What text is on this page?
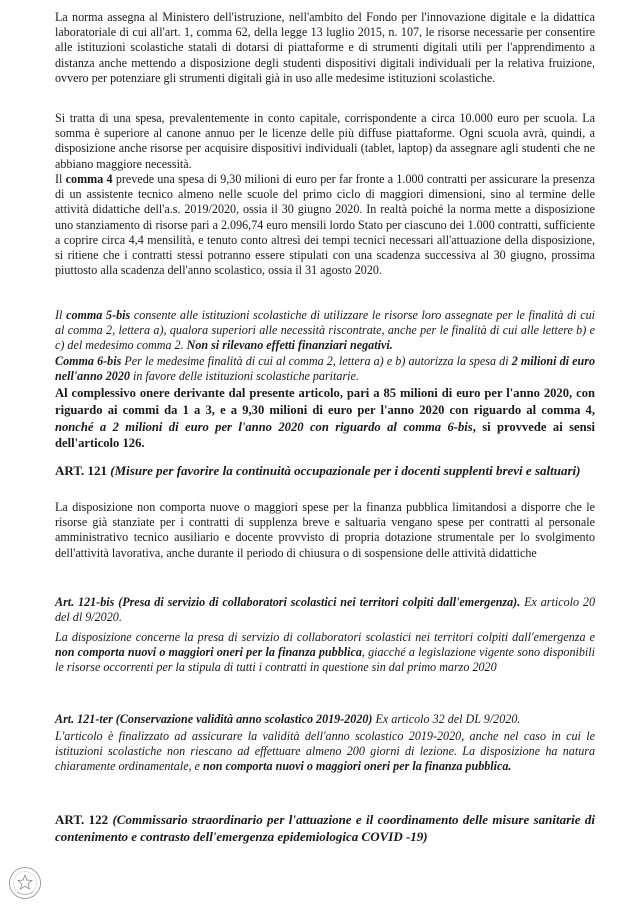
La norma assegna al Ministero dell'istruzione, nell'ambito del Fondo per l'innovazione digitale e la didattica laboratoriale di cui all'art. 1, comma 62, della legge 13 luglio 2015, n. 107, le risorse necessarie per consentire alle istituzioni scolastiche statali di dotarsi di piattaforme e di strumenti digitali utili per l'apprendimento a distanza anche mettendo a disposizione degli studenti dispositivi digitali individuali per la relativa fruizione, ovvero per potenziare gli strumenti digitali già in uso alle medesime istituzioni scolastiche.

Si tratta di una spesa, prevalentemente in conto capitale, corrispondente a circa 10.000 euro per scuola. La somma è superiore al canone annuo per le licenze delle più diffuse piattaforme. Ogni scuola avrà, quindi, a disposizione anche risorse per acquisire dispositivi individuali (tablet, laptop) da assegnare agli studenti che ne abbiano maggiore necessità.

Il comma 4 prevede una spesa di 9,30 milioni di euro per far fronte a 1.000 contratti per assicurare la presenza di un assistente tecnico almeno nelle scuole del primo ciclo di maggiori dimensioni, sino al termine delle attività didattiche dell'a.s. 2019/2020, ossia il 30 giugno 2020. In realtà poiché la norma mette a disposizione uno stanziamento di risorse pari a 2.096,74 euro mensili lordo Stato per ciascuno dei 1.000 contratti, sufficiente a coprire circa 4,4 mensilità, e tenuto conto altresì dei tempi tecnici necessari all'attuazione della disposizione, si ritiene che i contratti stessi potranno essere stipulati con una scadenza successiva al 30 giugno, prossima piuttosto alla scadenza dell'anno scolastico, ossia il 31 agosto 2020.

Il comma 5-bis consente alle istituzioni scolastiche di utilizzare le risorse loro assegnate per le finalità di cui al comma 2, lettera a), qualora superiori alle necessità riscontrate, anche per le finalità di cui alle lettere b) e c) del medesimo comma 2. Non si rilevano effetti finanziari negativi.

Comma 6-bis Per le medesime finalità di cui al comma 2, lettera a) e b) autorizza la spesa di 2 milioni di euro nell'anno 2020 in favore delle istituzioni scolastiche paritarie.

Al complessivo onere derivante dal presente articolo, pari a 85 milioni di euro per l'anno 2020, con riguardo ai commi da 1 a 3, e a 9,30 milioni di euro per l'anno 2020 con riguardo al comma 4, nonché a 2 milioni di euro per l'anno 2020 con riguardo al comma 6-bis, si provvede ai sensi dell'articolo 126.

ART. 121 (Misure per favorire la continuità occupazionale per i docenti supplenti brevi e saltuari)

La disposizione non comporta nuove o maggiori spese per la finanza pubblica limitandosi a disporre che le risorse già stanziate per i contratti di supplenza breve e saltuaria vengano spese per contratti al personale amministrativo tecnico ausiliario e docente provvisto di propria dotazione strumentale per lo svolgimento dell'attività lavorativa, anche durante il periodo di chiusura o di sospensione delle attività didattiche

Art. 121-bis (Presa di servizio di collaboratori scolastici nei territori colpiti dall'emergenza). Ex articolo 20 del dl 9/2020.

La disposizione concerne la presa di servizio di collaboratori scolastici nei territori colpiti dall'emergenza e non comporta nuovi o maggiori oneri per la finanza pubblica, giacché a legislazione vigente sono disponibili le risorse occorrenti per la stipula di tutti i contratti in questione sin dal primo marzo 2020

Art. 121-ter (Conservazione validità anno scolastico 2019-2020) Ex articolo 32 del DL 9/2020.

L'articolo è finalizzato ad assicurare la validità dell'anno scolastico 2019-2020, anche nel caso in cui le istituzioni scolastiche non riescano ad effettuare almeno 200 giorni di lezione. La disposizione ha natura chiaramente ordinamentale, e non comporta nuovi o maggiori oneri per la finanza pubblica.

ART. 122 (Commissario straordinario per l'attuazione e il coordinamento delle misure sanitarie di contenimento e contrasto dell'emergenza epidemiologica COVID -19)
